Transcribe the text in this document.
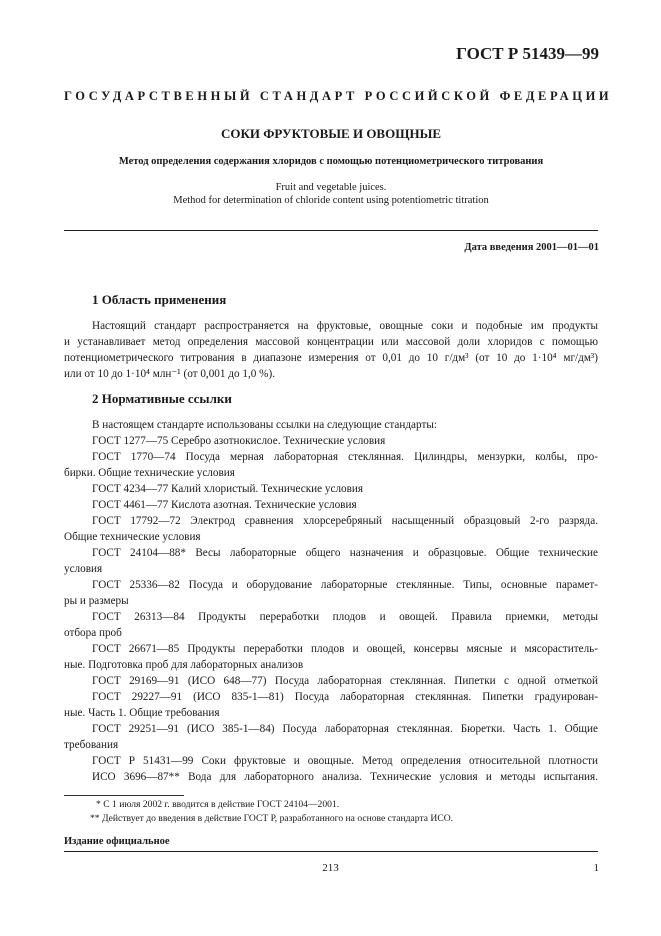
ГОСТ Р 51439—99
ГОСУДАРСТВЕННЫЙ СТАНДАРТ РОССИЙСКОЙ ФЕДЕРАЦИИ
СОКИ ФРУКТОВЫЕ И ОВОЩНЫЕ
Метод определения содержания хлоридов с помощью потенциометрического титрования
Fruit and vegetable juices.
Method for determination of chloride content using potentiometric titration
Дата введения 2001—01—01
1 Область применения
Настоящий стандарт распространяется на фруктовые, овощные соки и подобные им продукты
и устанавливает метод определения массовой концентрации или массовой доли хлоридов с помощью
потенциометрического титрования в диапазоне измерения от 0,01 до 10 г/дм³ (от 10 до 1·10⁴ мг/дм³)
или от 10 до 1·10⁴ млн⁻¹ (от 0,001 до 1,0 %).
2 Нормативные ссылки
В настоящем стандарте использованы ссылки на следующие стандарты:
ГОСТ 1277—75 Серебро азотнокислое. Технические условия
ГОСТ 1770—74 Посуда мерная лабораторная стеклянная. Цилиндры, мензурки, колбы, про-
бирки. Общие технические условия
ГОСТ 4234—77 Калий хлористый. Технические условия
ГОСТ 4461—77 Кислота азотная. Технические условия
ГОСТ 17792—72 Электрод сравнения хлорсеребряный насыщенный образцовый 2-го разряда.
Общие технические условия
ГОСТ 24104—88* Весы лабораторные общего назначения и образцовые. Общие технические
условия
ГОСТ 25336—82 Посуда и оборудование лабораторные стеклянные. Типы, основные парамет-
ры и размеры
ГОСТ 26313—84 Продукты переработки плодов и овощей. Правила приемки, методы
отбора проб
ГОСТ 26671—85 Продукты переработки плодов и овощей, консервы мясные и мясораститель-
ные. Подготовка проб для лабораторных анализов
ГОСТ 29169—91 (ИСО 648—77) Посуда лабораторная стеклянная. Пипетки с одной отметкой
ГОСТ 29227—91 (ИСО 835-1—81) Посуда лабораторная стеклянная. Пипетки градуирован-
ные. Часть 1. Общие требования
ГОСТ 29251—91 (ИСО 385-1—84) Посуда лабораторная стеклянная. Бюретки. Часть 1. Общие
требования
ГОСТ Р 51431—99 Соки фруктовые и овощные. Метод определения относительной плотности
ИСО 3696—87** Вода для лабораторного анализа. Технические условия и методы испытания.
* С 1 июля 2002 г. вводится в действие ГОСТ 24104—2001.
** Действует до введения в действие ГОСТ Р, разработанного на основе стандарта ИСО.
Издание официальное
213	1
